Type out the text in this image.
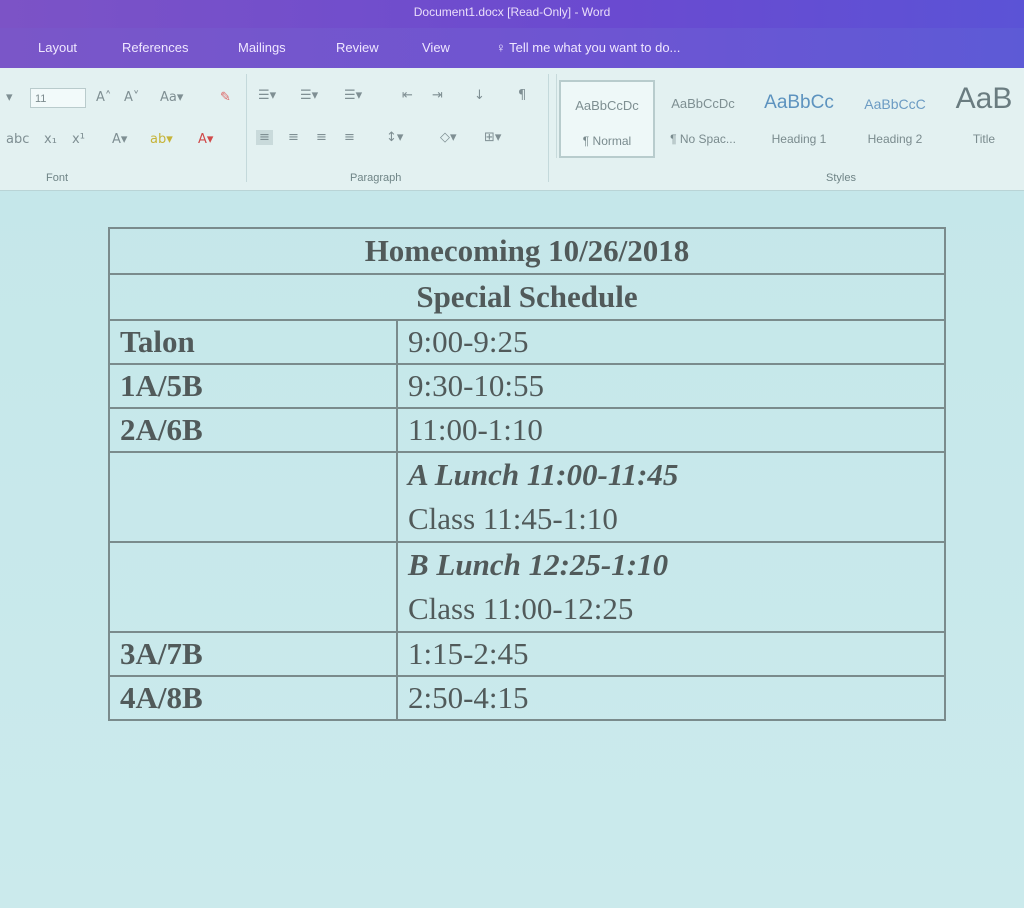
Document1.docx [Read-Only] - Word
Layout	References	Mailings	Review	View	♀ Tell me what you want to do...
11
▾	A˄ A˅ Aa▾	✎
abc x₁ x¹ A▾ ab▾ A▾
Font
☰▾ ☰▾ ☰▾	⇤ ⇥ ↓	¶
≡ ≡ ≡ ≡ ↕▾	◇▾ ⊞▾
Paragraph
AaBbCcDc
¶ Normal
AaBbCcDc
¶ No Spac...
AaBbCc
Heading 1
AaBbCcC
Heading 2
AaB
Title
Styles
Homecoming 10/26/2018	
Special Schedule	
Talon	9:00-9:25
1A/5B	9:30-10:55
2A/6B	11:00-1:10

	A Lunch 11:00-11:45
Class 11:45-1:10

	B Lunch 12:25-1:10
Class 11:00-12:25

3A/7B	1:15-2:45
4A/8B	2:50-4:15
